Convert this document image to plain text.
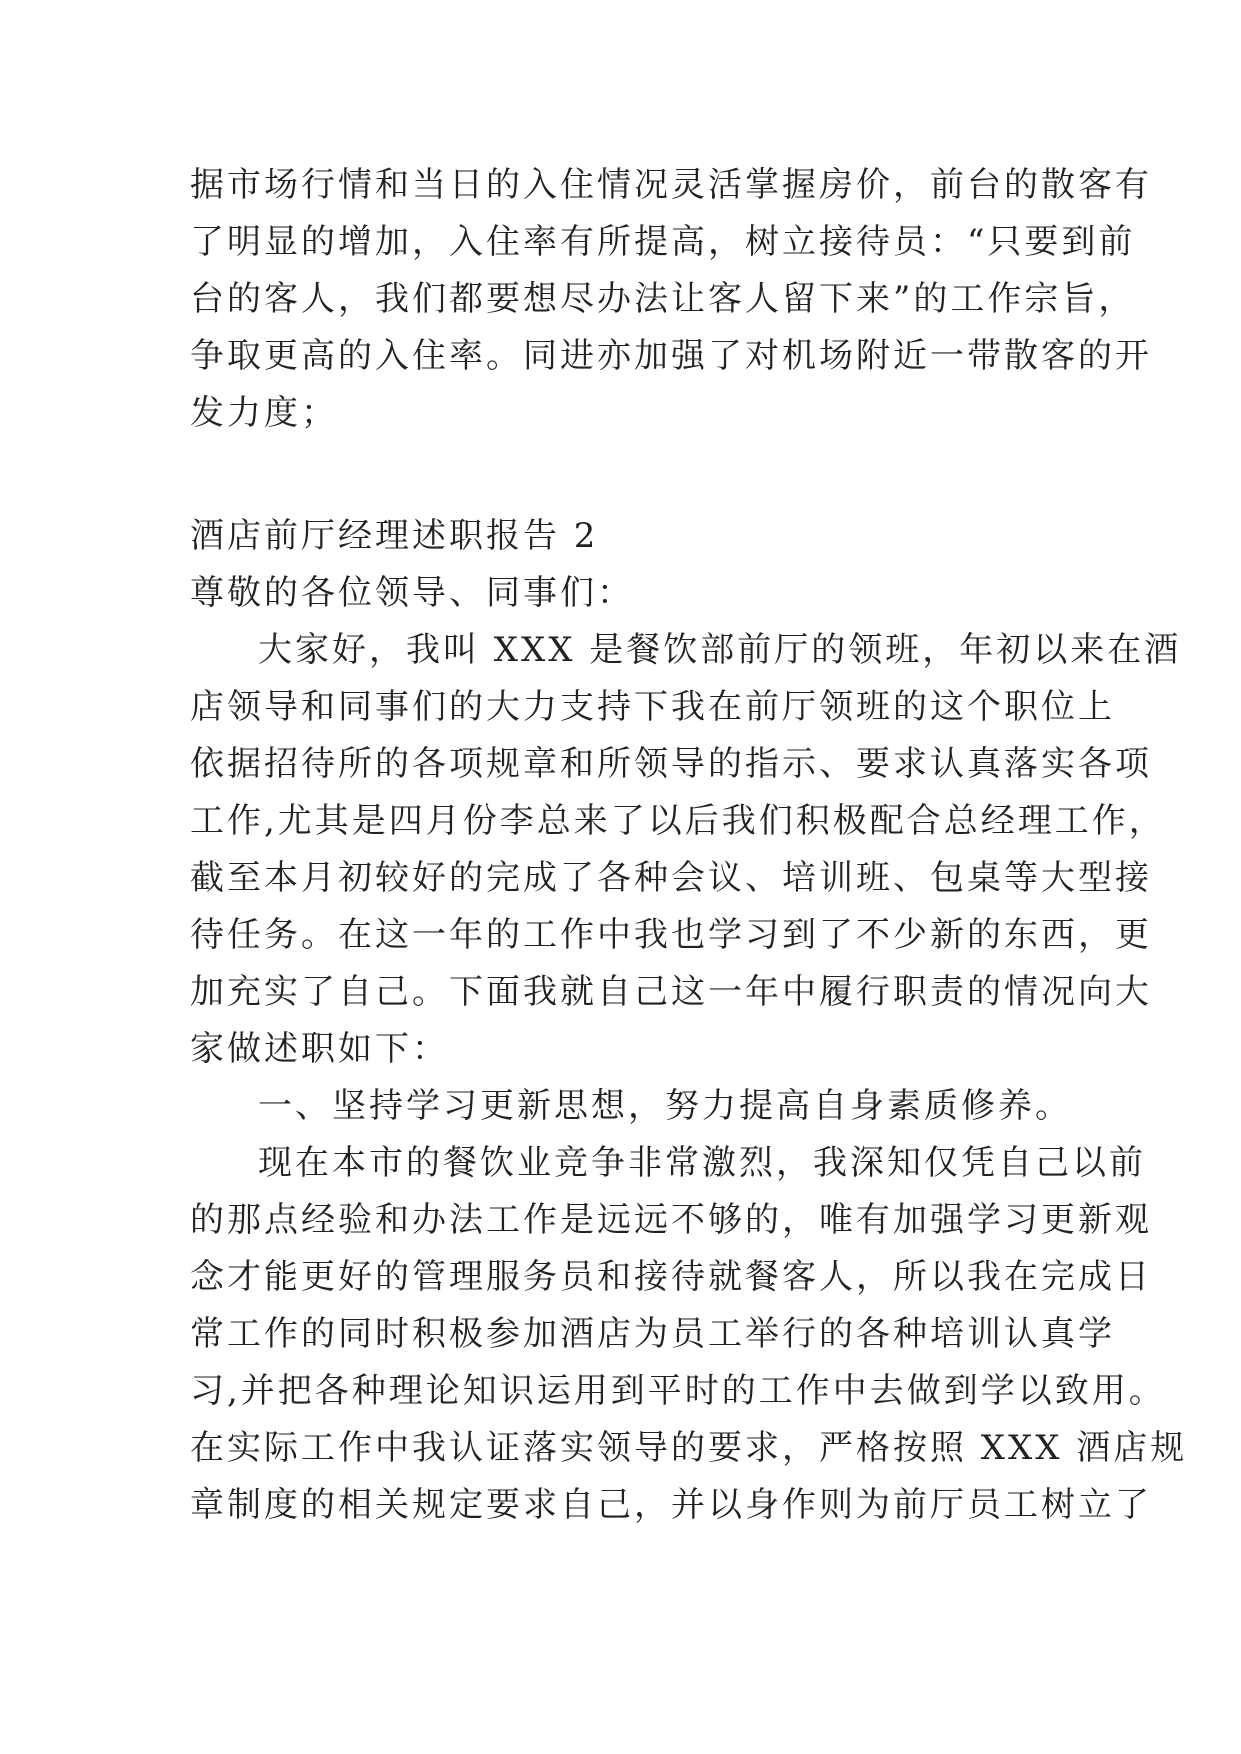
据市场行情和当日的入住情况灵活掌握房价，前台的散客有
了明显的增加，入住率有所提高，树立接待员：“只要到前
台的客人，我们都要想尽办法让客人留下来”的工作宗旨，
争取更高的入住率。同进亦加强了对机场附近一带散客的开
发力度；
酒店前厅经理述职报告 2
尊敬的各位领导、同事们：
大家好，我叫 XXX 是餐饮部前厅的领班，年初以来在酒
店领导和同事们的大力支持下我在前厅领班的这个职位上
依据招待所的各项规章和所领导的指示、要求认真落实各项
工作,尤其是四月份李总来了以后我们积极配合总经理工作，
截至本月初较好的完成了各种会议、培训班、包桌等大型接
待任务。在这一年的工作中我也学习到了不少新的东西，更
加充实了自己。下面我就自己这一年中履行职责的情况向大
家做述职如下：
一、坚持学习更新思想，努力提高自身素质修养。
现在本市的餐饮业竞争非常激烈，我深知仅凭自己以前
的那点经验和办法工作是远远不够的，唯有加强学习更新观
念才能更好的管理服务员和接待就餐客人，所以我在完成日
常工作的同时积极参加酒店为员工举行的各种培训认真学
习,并把各种理论知识运用到平时的工作中去做到学以致用。
在实际工作中我认证落实领导的要求，严格按照 XXX 酒店规
章制度的相关规定要求自己，并以身作则为前厅员工树立了
